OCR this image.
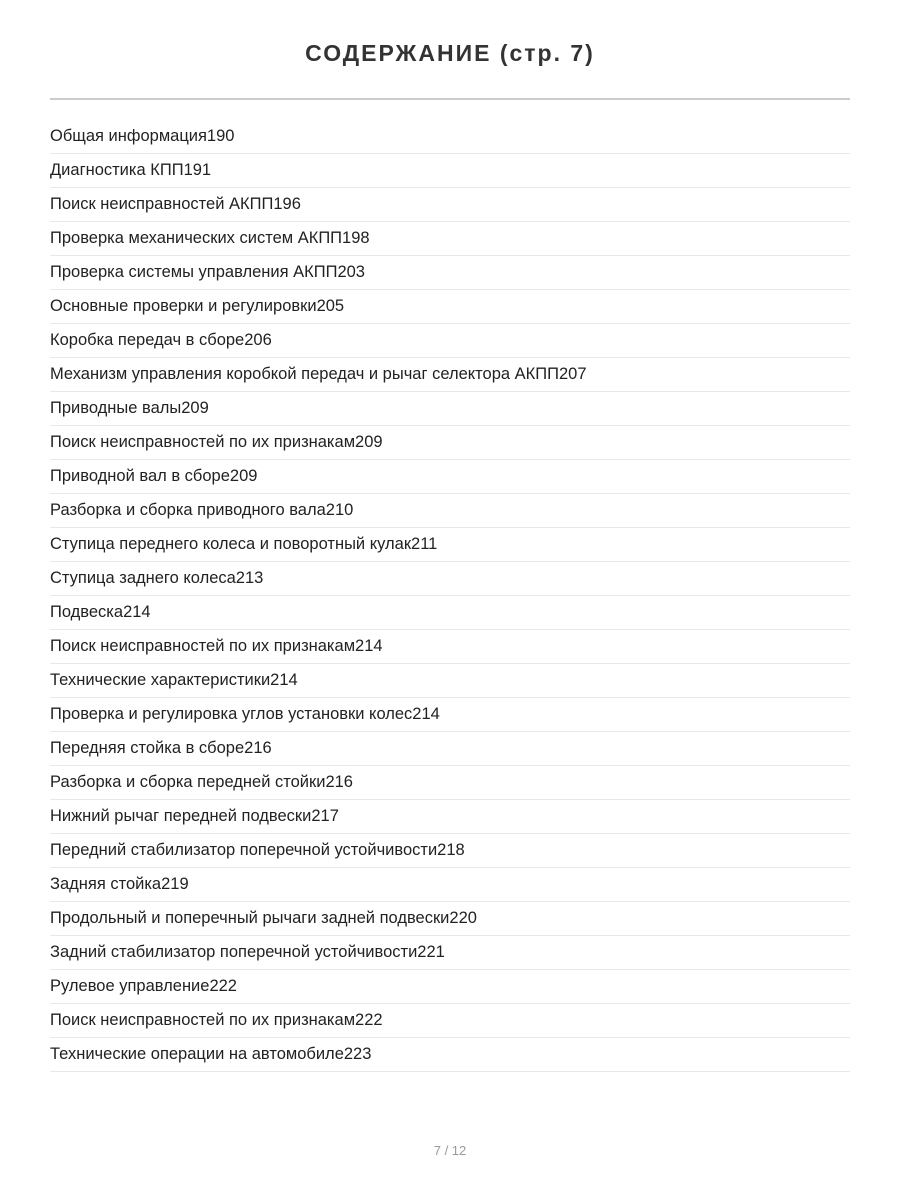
СОДЕРЖАНИЕ (стр. 7)
Общая информация190
Диагностика КПП191
Поиск неисправностей АКПП196
Проверка механических систем АКПП198
Проверка системы управления АКПП203
Основные проверки и регулировки205
Коробка передач в сборе206
Механизм управления коробкой передач и рычаг селектора АКПП207
Приводные валы209
Поиск неисправностей по их признакам209
Приводной вал в сборе209
Разборка и сборка приводного вала210
Ступица переднего колеса и поворотный кулак211
Ступица заднего колеса213
Подвеска214
Поиск неисправностей по их признакам214
Технические характеристики214
Проверка и регулировка углов установки колес214
Передняя стойка в сборе216
Разборка и сборка передней стойки216
Нижний рычаг передней подвески217
Передний стабилизатор поперечной устойчивости218
Задняя стойка219
Продольный и поперечный рычаги задней подвески220
Задний стабилизатор поперечной устойчивости221
Рулевое управление222
Поиск неисправностей по их признакам222
Технические операции на автомобиле223
7 / 12
